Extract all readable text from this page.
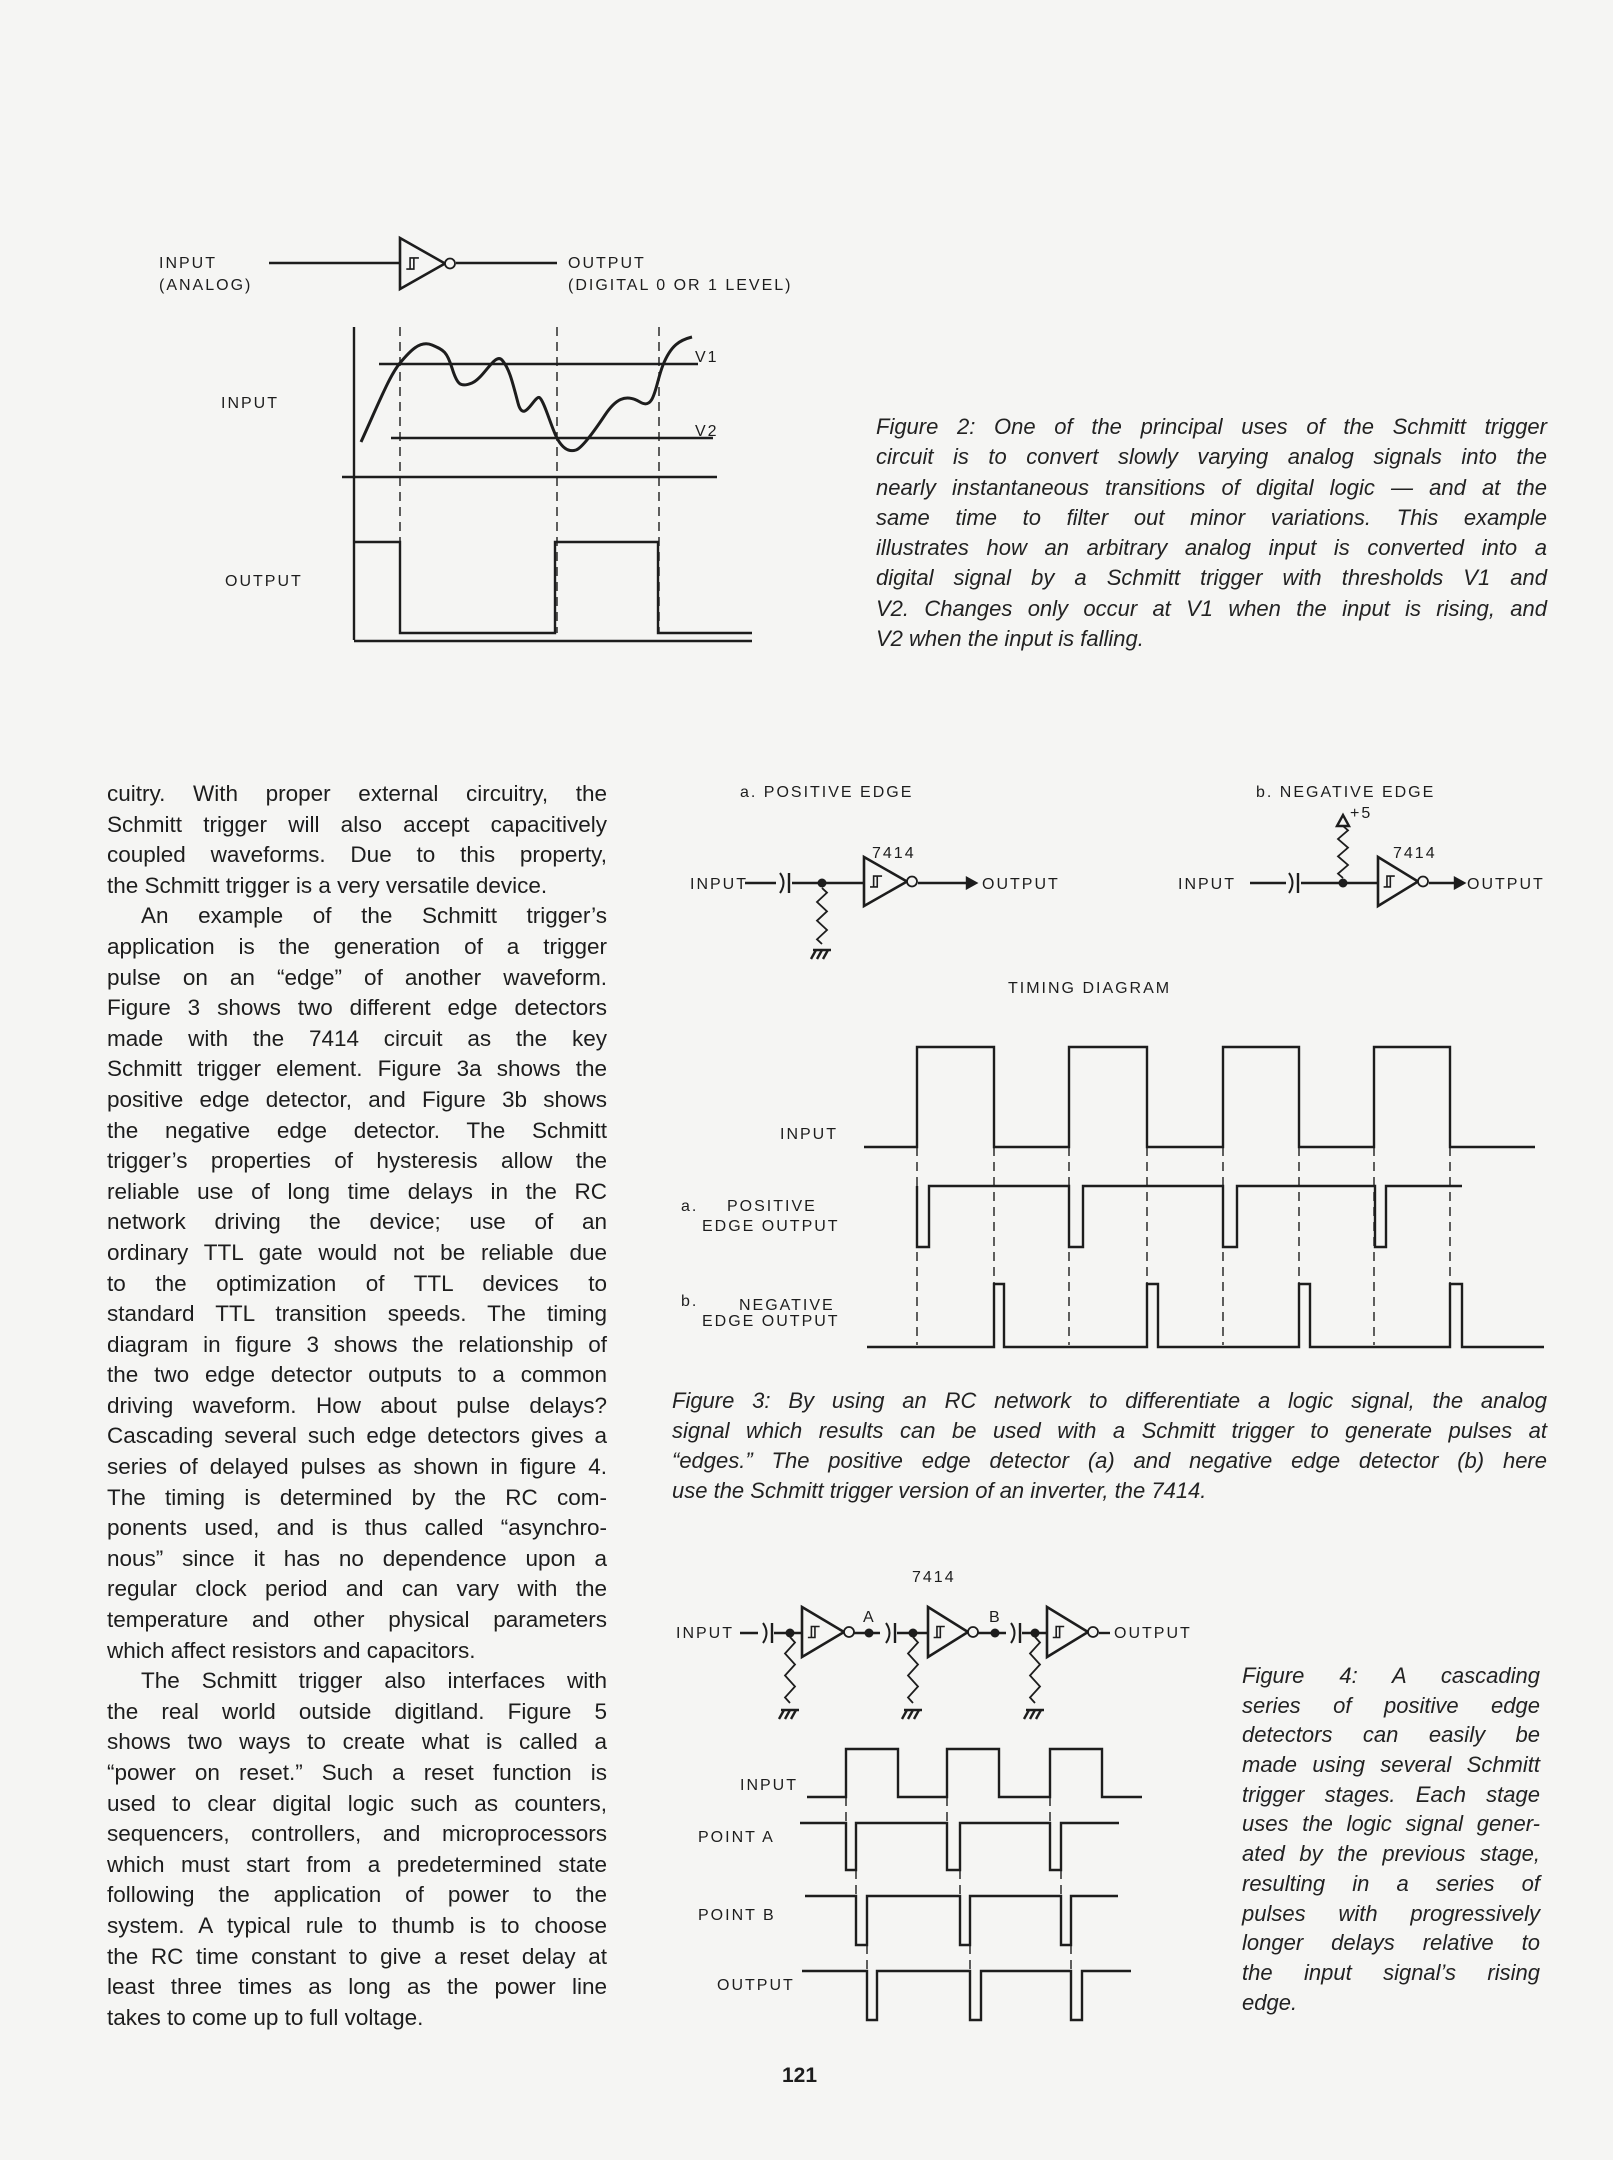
INPUT
(ANALOG)
OUTPUT
(DIGITAL 0 OR 1 LEVEL)
INPUT
OUTPUT
V1
V2
a. POSITIVE EDGE	b. NEGATIVE EDGE
7414	7414
+5
INPUT	OUTPUT	INPUT	OUTPUT
TIMING DIAGRAM
INPUT
a. POSITIVE
EDGE OUTPUT
b.	NEGATIVE
EDGE OUTPUT
7414
INPUT	OUTPUT
A	B
INPUT
POINT A
POINT B
OUTPUT
cuitry. With proper external circuitry, the
Schmitt trigger will also accept capacitively
coupled waveforms. Due to this property,
the Schmitt trigger is a very versatile device.
An example of the Schmitt trigger’s
application is the generation of a trigger
pulse on an “edge” of another waveform.
Figure 3 shows two different edge detectors
made with the 7414 circuit as the key
Schmitt trigger element. Figure 3a shows the
positive edge detector, and Figure 3b shows
the negative edge detector. The Schmitt
trigger’s properties of hysteresis allow the
reliable use of long time delays in the RC
network driving the device; use of an
ordinary TTL gate would not be reliable due
to the optimization of TTL devices to
standard TTL transition speeds. The timing
diagram in figure 3 shows the relationship of
the two edge detector outputs to a common
driving waveform. How about pulse delays?
Cascading several such edge detectors gives a
series of delayed pulses as shown in figure 4.
The timing is determined by the RC com-
ponents used, and is thus called “asynchro-
nous” since it has no dependence upon a
regular clock period and can vary with the
temperature and other physical parameters
which affect resistors and capacitors.
The Schmitt trigger also interfaces with
the real world outside digitland. Figure 5
shows two ways to create what is called a
“power on reset.” Such a reset function is
used to clear digital logic such as counters,
sequencers, controllers, and microprocessors
which must start from a predetermined state
following the application of power to the
system. A typical rule to thumb is to choose
the RC time constant to give a reset delay at
least three times as long as the power line
takes to come up to full voltage.
Figure 2: One of the principal uses of the Schmitt trigger
circuit is to convert slowly varying analog signals into the
nearly instantaneous transitions of digital logic — and at the
same time to filter out minor variations. This example
illustrates how an arbitrary analog input is converted into a
digital signal by a Schmitt trigger with thresholds V1 and
V2. Changes only occur at V1 when the input is rising, and
V2 when the input is falling.
Figure 3: By using an RC network to differentiate a logic signal, the analog
signal which results can be used with a Schmitt trigger to generate pulses at
“edges.” The positive edge detector (a) and negative edge detector (b) here
use the Schmitt trigger version of an inverter, the 7414.
Figure 4: A cascading
series of positive edge
detectors can easily be
made using several Schmitt
trigger stages. Each stage
uses the logic signal gener-
ated by the previous stage,
resulting in a series of
pulses with progressively
longer delays relative to
the input signal’s rising
edge.
121
